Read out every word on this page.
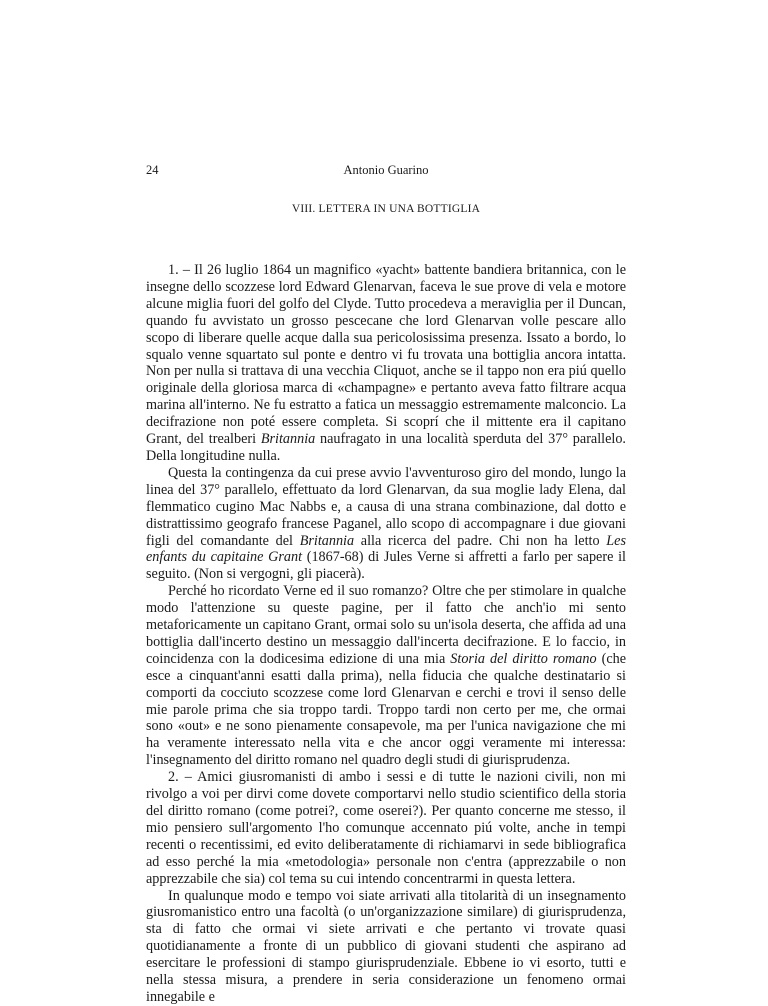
24	Antonio Guarino
VIII. LETTERA IN UNA BOTTIGLIA

1. – Il 26 luglio 1864 un magnifico «yacht» battente bandiera britannica, con le insegne dello scozzese lord Edward Glenarvan, faceva le sue prove di vela e motore alcune miglia fuori del golfo del Clyde. Tutto procedeva a meraviglia per il Duncan, quando fu avvistato un grosso pescecane che lord Glenarvan volle pescare allo scopo di liberare quelle acque dalla sua pericolosissima presenza. Issato a bordo, lo squalo venne squartato sul ponte e dentro vi fu trovata una bottiglia ancora intatta. Non per nulla si trattava di una vecchia Cliquot, anche se il tappo non era piú quello originale della gloriosa marca di «champagne» e pertanto aveva fatto filtrare acqua marina all'interno. Ne fu estratto a fatica un messaggio estremamente malconcio. La decifrazione non poté essere completa. Si scoprí che il mittente era il capitano Grant, del trealberi Britannia naufragato in una località sperduta del 37° parallelo. Della longitudine nulla.

Questa la contingenza da cui prese avvio l'avventuroso giro del mondo, lungo la linea del 37° parallelo, effettuato da lord Glenarvan, da sua moglie lady Elena, dal flemmatico cugino Mac Nabbs e, a causa di una strana combinazione, dal dotto e distrattissimo geografo francese Paganel, allo scopo di accompagnare i due giovani figli del comandante del Britannia alla ricerca del padre. Chi non ha letto Les enfants du capitaine Grant (1867-68) di Jules Verne si affretti a farlo per sapere il seguito. (Non si vergogni, gli piacerà).

Perché ho ricordato Verne ed il suo romanzo? Oltre che per stimolare in qualche modo l'attenzione su queste pagine, per il fatto che anch'io mi sento metaforicamente un capitano Grant, ormai solo su un'isola deserta, che affida ad una bottiglia dall'incerto destino un messaggio dall'incerta decifrazione. E lo faccio, in coincidenza con la dodicesima edizione di una mia Storia del diritto romano (che esce a cinquant'anni esatti dalla prima), nella fiducia che qualche destinatario si comporti da cocciuto scozzese come lord Glenarvan e cerchi e trovi il senso delle mie parole prima che sia troppo tardi. Troppo tardi non certo per me, che ormai sono «out» e ne sono pienamente consapevole, ma per l'unica navigazione che mi ha veramente interessato nella vita e che ancor oggi veramente mi interessa: l'insegnamento del diritto romano nel quadro degli studi di giurisprudenza.

2. – Amici giusromanisti di ambo i sessi e di tutte le nazioni civili, non mi rivolgo a voi per dirvi come dovete comportarvi nello studio scientifico della storia del diritto romano (come potrei?, come oserei?). Per quanto concerne me stesso, il mio pensiero sull'argomento l'ho comunque accennato piú volte, anche in tempi recenti o recentissimi, ed evito deliberatamente di richiamarvi in sede bibliografica ad esso perché la mia «metodologia» personale non c'entra (apprezzabile o non apprezzabile che sia) col tema su cui intendo concentrarmi in questa lettera.

In qualunque modo e tempo voi siate arrivati alla titolarità di un insegnamento giusromanistico entro una facoltà (o un'organizzazione similare) di giurisprudenza, sta di fatto che ormai vi siete arrivati e che pertanto vi trovate quasi quotidianamente a fronte di un pubblico di giovani studenti che aspirano ad esercitare le professioni di stampo giurisprudenziale. Ebbene io vi esorto, tutti e nella stessa misura, a prendere in seria considerazione un fenomeno ormai innegabile e
